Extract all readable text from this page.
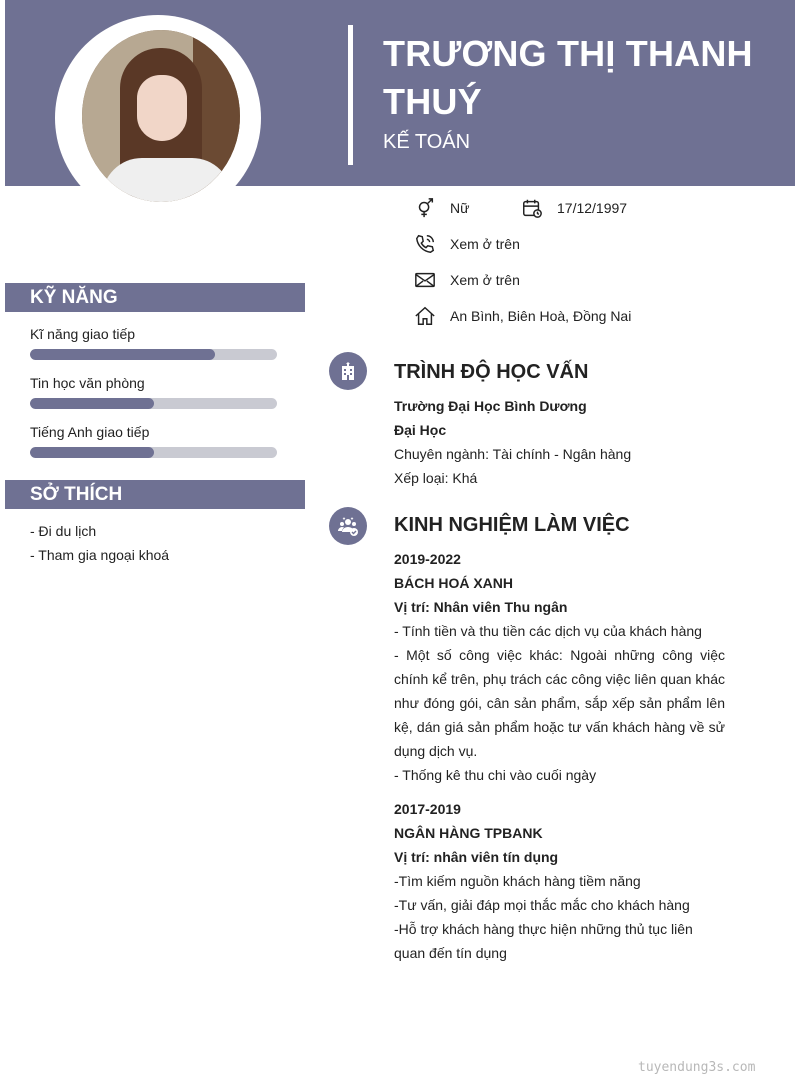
TRƯƠNG THỊ THANH THUÝ
KẾ TOÁN
Nữ	17/12/1997
Xem ở trên
Xem ở trên
An Bình, Biên Hoà, Đồng Nai
KỸ NĂNG
Kĩ năng giao tiếp
Tin học văn phòng
Tiếng Anh giao tiếp
SỞ THÍCH
- Đi du lịch
- Tham gia ngoại khoá
TRÌNH ĐỘ HỌC VẤN
Trường Đại Học Bình Dương
Đại Học
Chuyên ngành: Tài chính - Ngân hàng
Xếp loại: Khá
KINH NGHIỆM LÀM VIỆC
2019-2022
BÁCH HOÁ XANH
Vị trí: Nhân viên Thu ngân
- Tính tiền và thu tiền các dịch vụ của khách hàng
- Một số công việc khác: Ngoài những công việc chính kể trên, phụ trách các công việc liên quan khác như đóng gói, cân sản phẩm, sắp xếp sản phẩm lên kệ, dán giá sản phẩm hoặc tư vấn khách hàng về sử dụng dịch vụ.
- Thống kê thu chi vào cuối ngày
2017-2019
NGÂN HÀNG TPBANK
Vị trí: nhân viên tín dụng
-Tìm kiếm nguồn khách hàng tiềm năng
-Tư vấn, giải đáp mọi thắc mắc cho khách hàng
-Hỗ trợ khách hàng thực hiện những thủ tục liên quan đến tín dụng
tuyendung3s.com
